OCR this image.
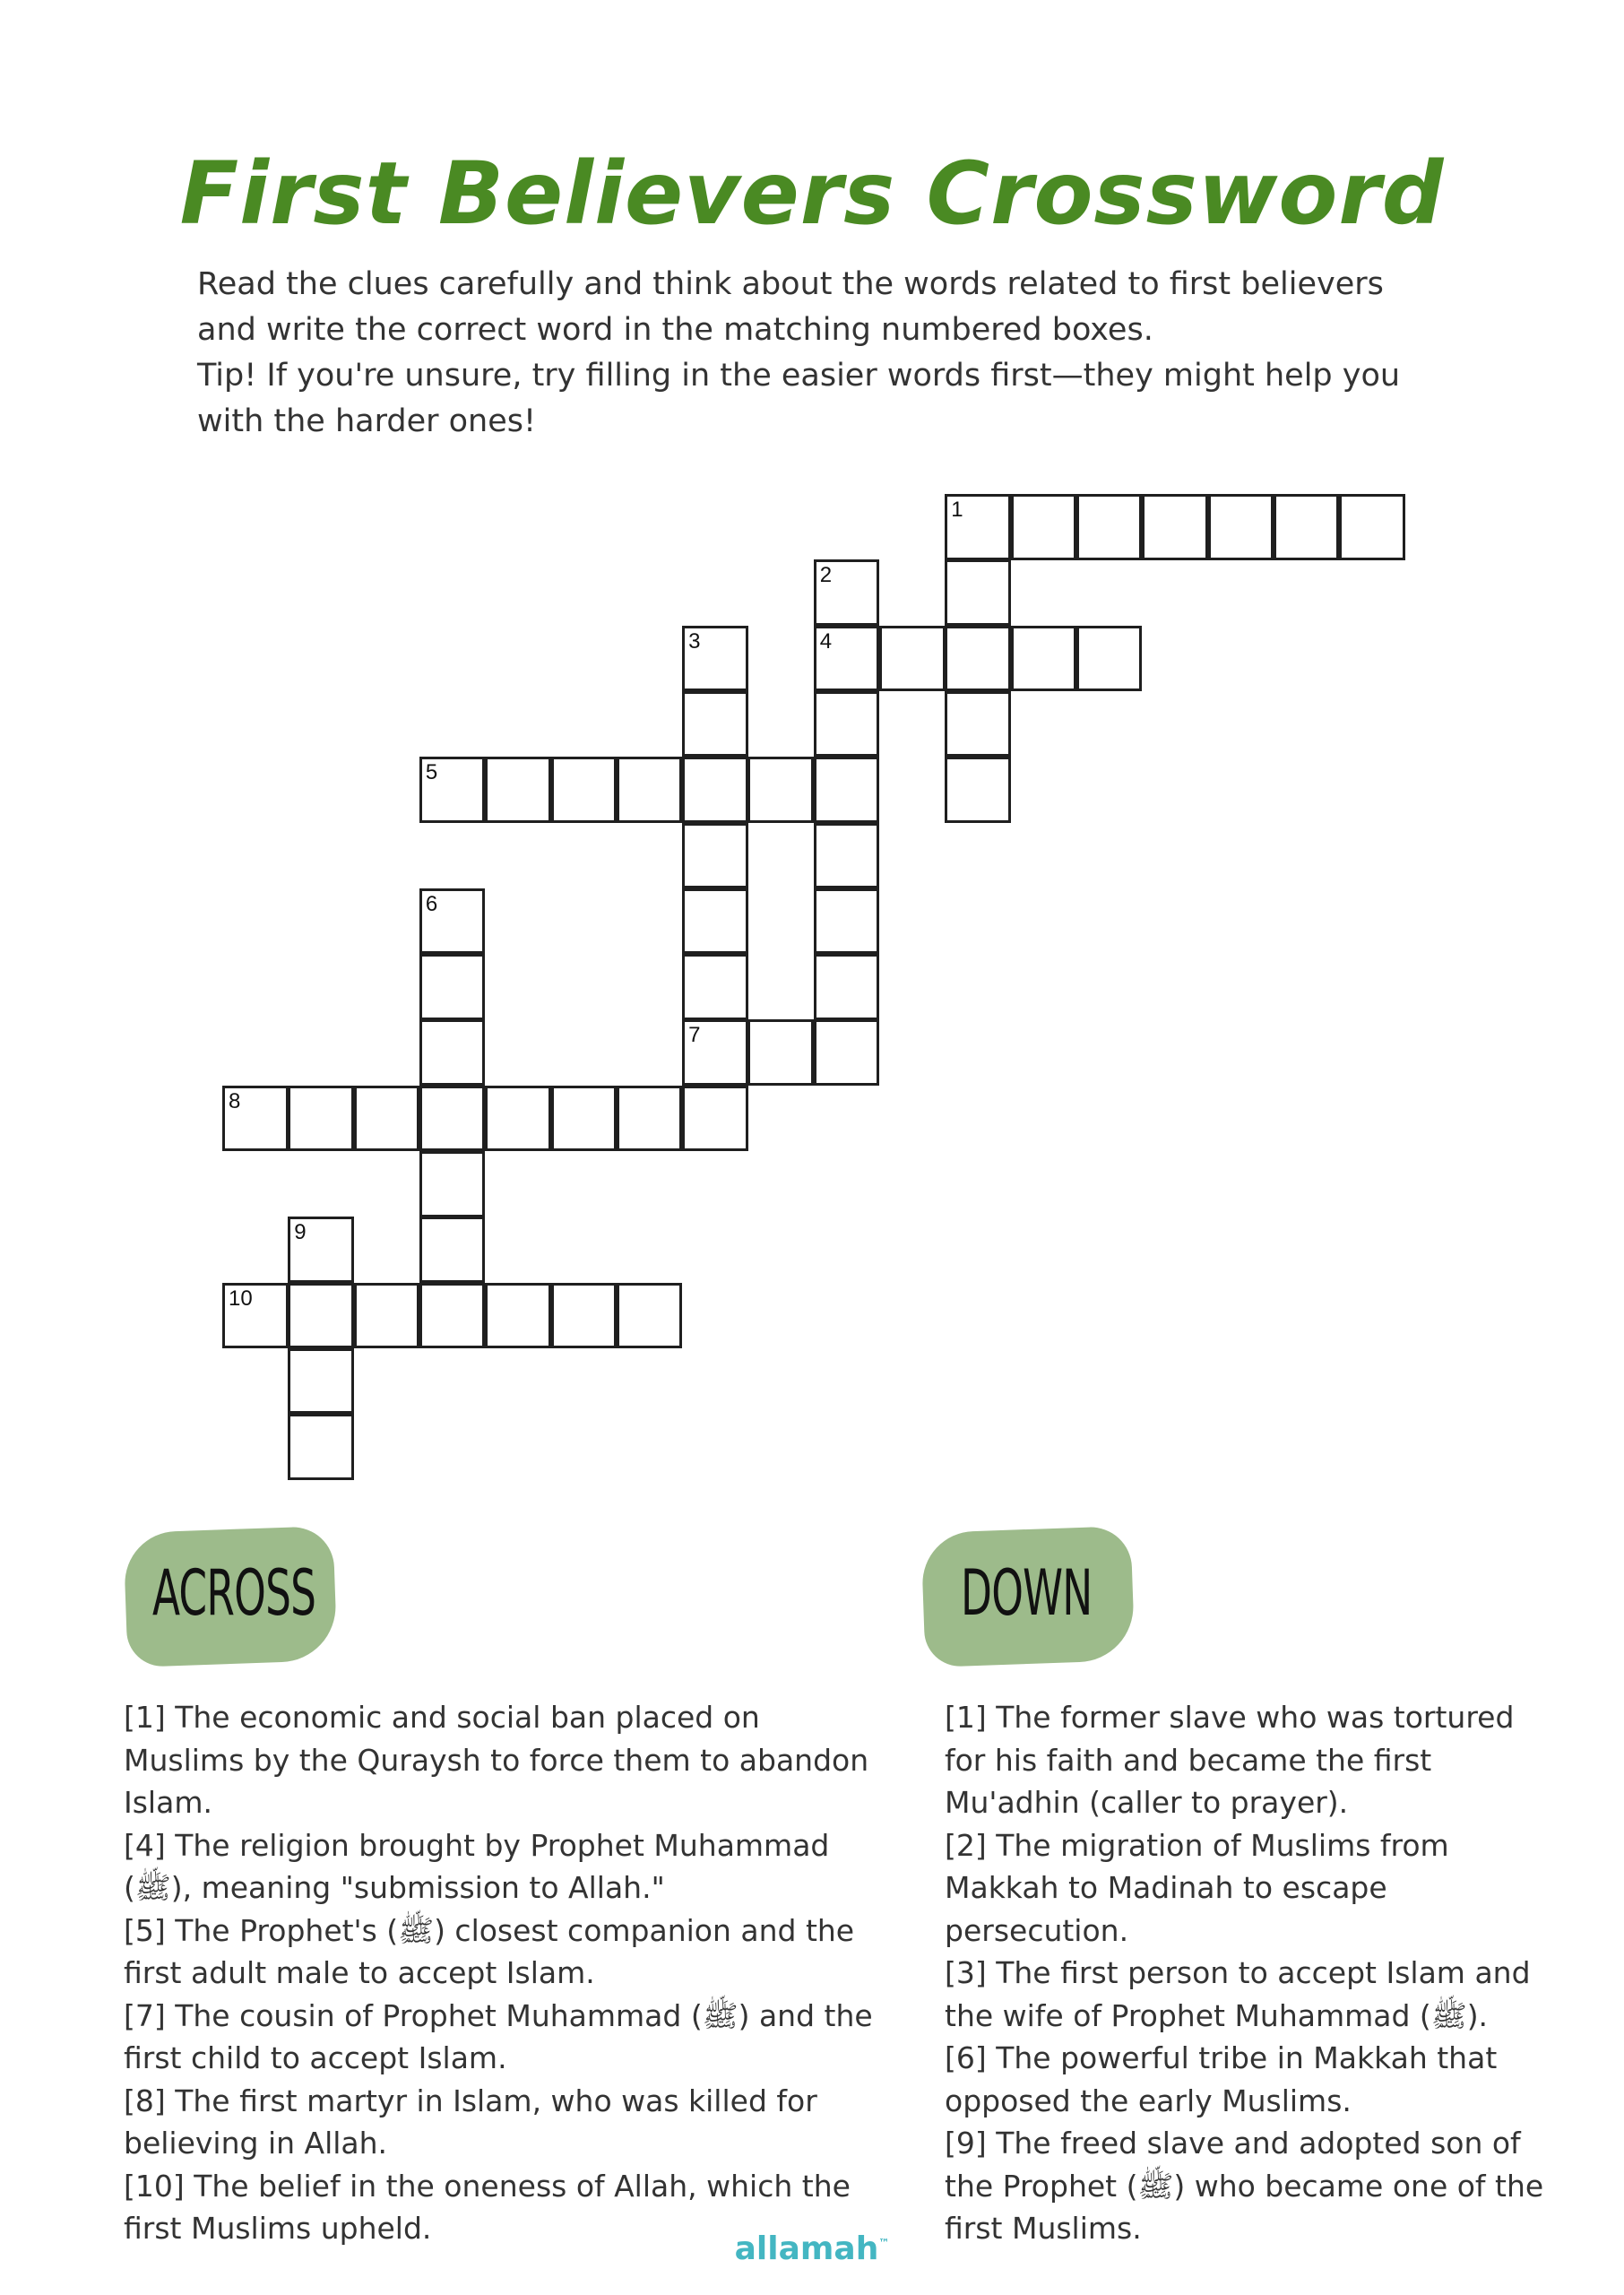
First Believers Crossword

Read the clues carefully and think about the words related to first believers and write the correct word in the matching numbered boxes.

Tip! If you're unsure, try filling in the easier words first—they might help you with the harder ones!

1
2
4
3
7
5
6
8
9
10
ACROSS	DOWN

[1] The economic and social ban placed on Muslims by the Quraysh to force them to abandon Islam.

[4] The religion brought by Prophet Muhammad (ﷺ), meaning "submission to Allah."

[5] The Prophet's (ﷺ) closest companion and the first adult male to accept Islam.

[7] The cousin of Prophet Muhammad (ﷺ) and the first child to accept Islam.

[8] The first martyr in Islam, who was killed for believing in Allah.

[10] The belief in the oneness of Allah, which the first Muslims upheld.

[1] The former slave who was tortured for his faith and became the first Mu'adhin (caller to prayer).

[2] The migration of Muslims from Makkah to Madinah to escape persecution.

[3] The first person to accept Islam and the wife of Prophet Muhammad (ﷺ).

[6] The powerful tribe in Makkah that opposed the early Muslims.

[9] The freed slave and adopted son of the Prophet (ﷺ) who became one of the first Muslims.

allamah™
